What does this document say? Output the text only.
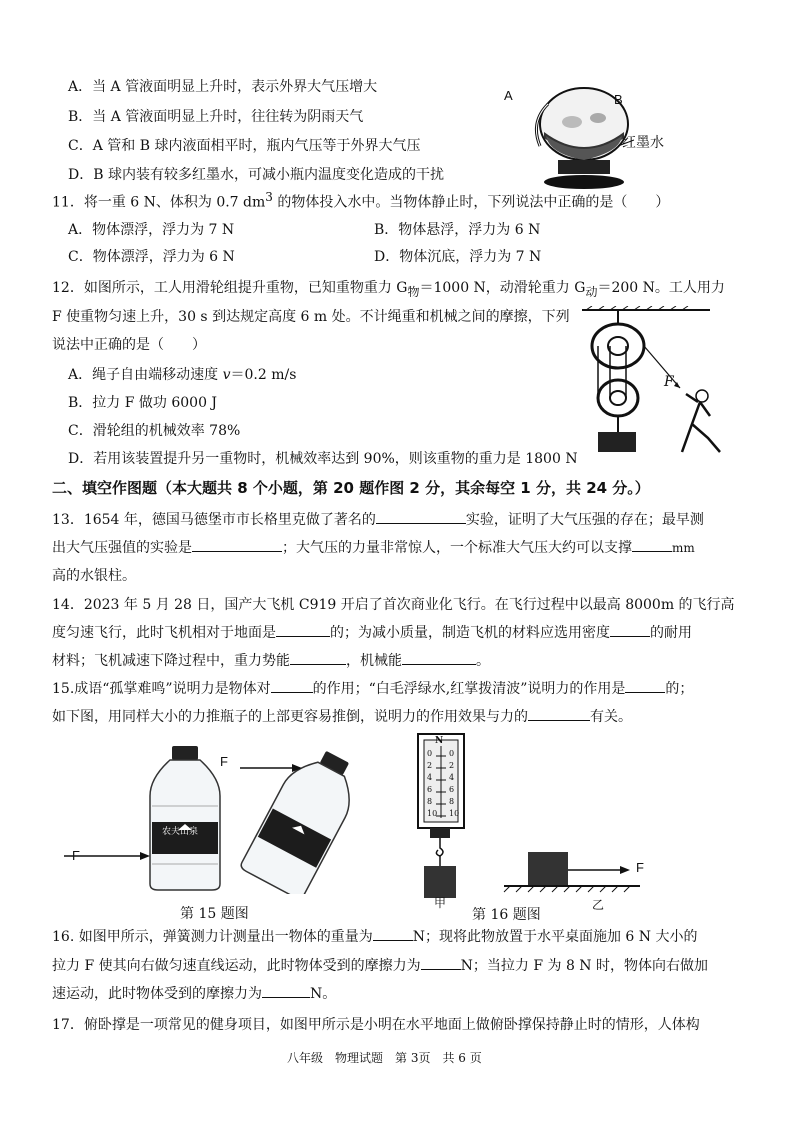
A．当 A 管液面明显上升时，表示外界大气压增大
B．当 A 管液面明显上升时，往往转为阴雨天气
C．A 管和 B 球内液面相平时，瓶内气压等于外界大气压
D．B 球内装有较多红墨水，可减小瓶内温度变化造成的干扰
A	B
红墨水
11．将一重 6 N、体积为 0.7 $dm^3$ 的物体投入水中。当物体静止时，下列说法中正确的是（　　）
A．物体漂浮，浮力为 7 N	B．物体悬浮，浮力为 6 N
C．物体漂浮，浮力为 6 N	D．物体沉底，浮力为 7 N
12．如图所示，工人用滑轮组提升重物，已知重物重力 $G_物=1000$ N，动滑轮重力 $G_动=200$ N。工人用力
F 使重物匀速上升，30 s 到达规定高度 6 m 处。不计绳重和机械之间的摩擦，下列
说法中正确的是（　　）
A．绳子自由端移动速度 v＝0.2 m/s
B．拉力 F 做功 6000 J
C．滑轮组的机械效率 78%
D．若用该装置提升另一重物时，机械效率达到 90%，则该重物的重力是 1800 N
F
二、填空作图题（本大题共 8 个小题，第 20 题作图 2 分，其余每空 1 分，共 24 分。）
13．1654 年，德国马德堡市市长格里克做了著名的	实验，证明了大气压强的存在；最早测
出大气压强值的实验是	；大气压的力量非常惊人，一个标准大气压大约可以支撑	mm
高的水银柱。
14．2023 年 5 月 28 日，国产大飞机 C919 开启了首次商业化飞行。在飞行过程中以最高 8000m 的飞行高
度匀速飞行，此时飞机相对于地面是	的；为减小质量，制造飞机的材料应选用密度	的耐用
材料；飞机减速下降过程中，重力势能	，机械能	。
15.成语“孤掌难鸣”说明力是物体对	的作用；“白毛浮绿水,红掌拨清波”说明力的作用是	的；
如下图，用同样大小的力推瓶子的上部更容易推倒，说明力的作用效果与力的	有关。
F
F
农夫山泉
第 15 题图
N
0
2
4
6
8
10
0
2
4
6
8
10
甲	乙
F
第 16 题图
16. 如图甲所示，弹簧测力计测量出一物体的重量为	N；现将此物放置于水平桌面施加 6 N 大小的
拉力 F 使其向右做匀速直线运动，此时物体受到的摩擦力为	N；当拉力 F 为 8 N 时，物体向右做加
速运动，此时物体受到的摩擦力为	N。
17．俯卧撑是一项常见的健身项目，如图甲所示是小明在水平地面上做俯卧撑保持静止时的情形，人体构
八年级　物理试题　第 3页　共 6 页
